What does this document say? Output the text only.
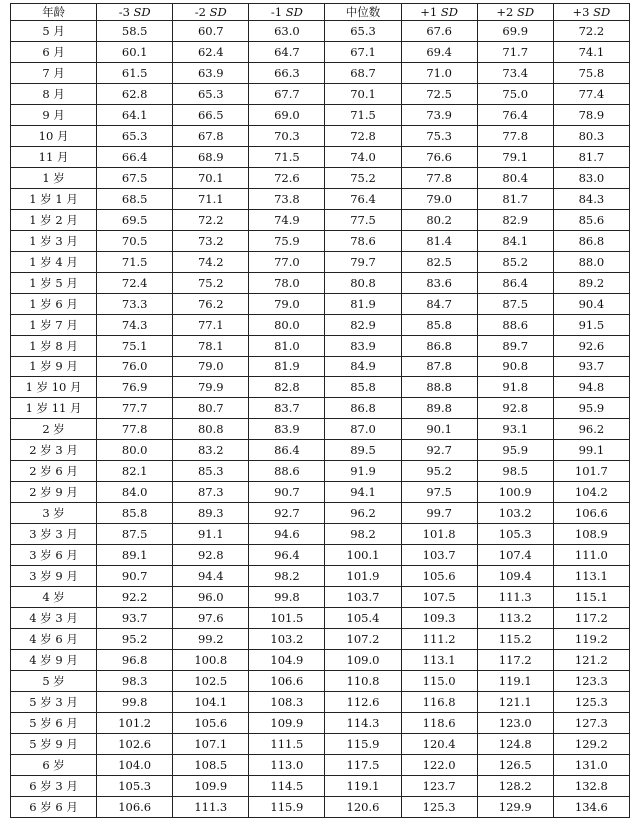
年龄	-3 SD	-2 SD	-1 SD	中位数	+1 SD	+2 SD	+3 SD
5 月	58.5	60.7	63.0	65.3	67.6	69.9	72.2
6 月	60.1	62.4	64.7	67.1	69.4	71.7	74.1
7 月	61.5	63.9	66.3	68.7	71.0	73.4	75.8
8 月	62.8	65.3	67.7	70.1	72.5	75.0	77.4
9 月	64.1	66.5	69.0	71.5	73.9	76.4	78.9
10 月	65.3	67.8	70.3	72.8	75.3	77.8	80.3
11 月	66.4	68.9	71.5	74.0	76.6	79.1	81.7
1 岁	67.5	70.1	72.6	75.2	77.8	80.4	83.0
1 岁 1 月	68.5	71.1	73.8	76.4	79.0	81.7	84.3
1 岁 2 月	69.5	72.2	74.9	77.5	80.2	82.9	85.6
1 岁 3 月	70.5	73.2	75.9	78.6	81.4	84.1	86.8
1 岁 4 月	71.5	74.2	77.0	79.7	82.5	85.2	88.0
1 岁 5 月	72.4	75.2	78.0	80.8	83.6	86.4	89.2
1 岁 6 月	73.3	76.2	79.0	81.9	84.7	87.5	90.4
1 岁 7 月	74.3	77.1	80.0	82.9	85.8	88.6	91.5
1 岁 8 月	75.1	78.1	81.0	83.9	86.8	89.7	92.6
1 岁 9 月	76.0	79.0	81.9	84.9	87.8	90.8	93.7
1 岁 10 月	76.9	79.9	82.8	85.8	88.8	91.8	94.8
1 岁 11 月	77.7	80.7	83.7	86.8	89.8	92.8	95.9
2 岁	77.8	80.8	83.9	87.0	90.1	93.1	96.2
2 岁 3 月	80.0	83.2	86.4	89.5	92.7	95.9	99.1
2 岁 6 月	82.1	85.3	88.6	91.9	95.2	98.5	101.7
2 岁 9 月	84.0	87.3	90.7	94.1	97.5	100.9	104.2
3 岁	85.8	89.3	92.7	96.2	99.7	103.2	106.6
3 岁 3 月	87.5	91.1	94.6	98.2	101.8	105.3	108.9
3 岁 6 月	89.1	92.8	96.4	100.1	103.7	107.4	111.0
3 岁 9 月	90.7	94.4	98.2	101.9	105.6	109.4	113.1
4 岁	92.2	96.0	99.8	103.7	107.5	111.3	115.1
4 岁 3 月	93.7	97.6	101.5	105.4	109.3	113.2	117.2
4 岁 6 月	95.2	99.2	103.2	107.2	111.2	115.2	119.2
4 岁 9 月	96.8	100.8	104.9	109.0	113.1	117.2	121.2
5 岁	98.3	102.5	106.6	110.8	115.0	119.1	123.3
5 岁 3 月	99.8	104.1	108.3	112.6	116.8	121.1	125.3
5 岁 6 月	101.2	105.6	109.9	114.3	118.6	123.0	127.3
5 岁 9 月	102.6	107.1	111.5	115.9	120.4	124.8	129.2
6 岁	104.0	108.5	113.0	117.5	122.0	126.5	131.0
6 岁 3 月	105.3	109.9	114.5	119.1	123.7	128.2	132.8
6 岁 6 月	106.6	111.3	115.9	120.6	125.3	129.9	134.6
